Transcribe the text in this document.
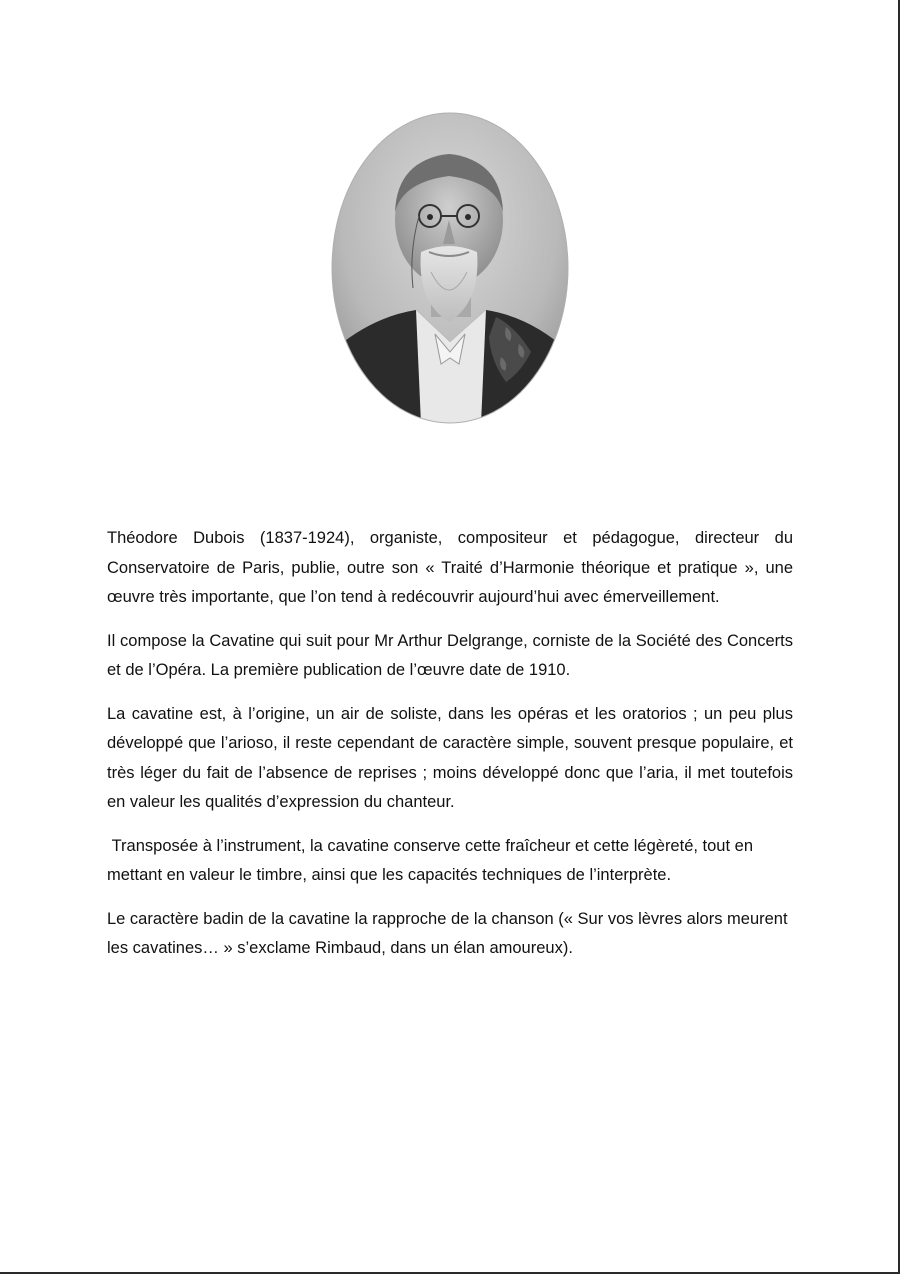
Théodore Dubois (1837-1924), organiste, compositeur et pédagogue, directeur du Conservatoire de Paris, publie, outre son « Traité d’Harmonie théorique et pratique », une œuvre très importante, que l’on tend à redécouvrir aujourd’hui avec émerveillement.

Il compose la Cavatine qui suit pour Mr Arthur Delgrange, corniste de la Société des Concerts et de l’Opéra. La première publication de l’œuvre date de 1910.

La cavatine est, à l’origine, un air de soliste, dans les opéras et les oratorios ; un peu plus développé que l’arioso, il reste cependant de caractère simple, souvent presque populaire, et très léger du fait de l’absence de reprises ; moins développé donc que l’aria, il met toutefois en valeur les qualités d’expression du chanteur.

Transposée à l’instrument, la cavatine conserve cette fraîcheur et cette légèreté, tout en mettant en valeur le timbre, ainsi que les capacités techniques de l’interprète.

Le caractère badin de la cavatine la rapproche de la chanson (« Sur vos lèvres alors meurent les cavatines… » s’exclame Rimbaud, dans un élan amoureux).
